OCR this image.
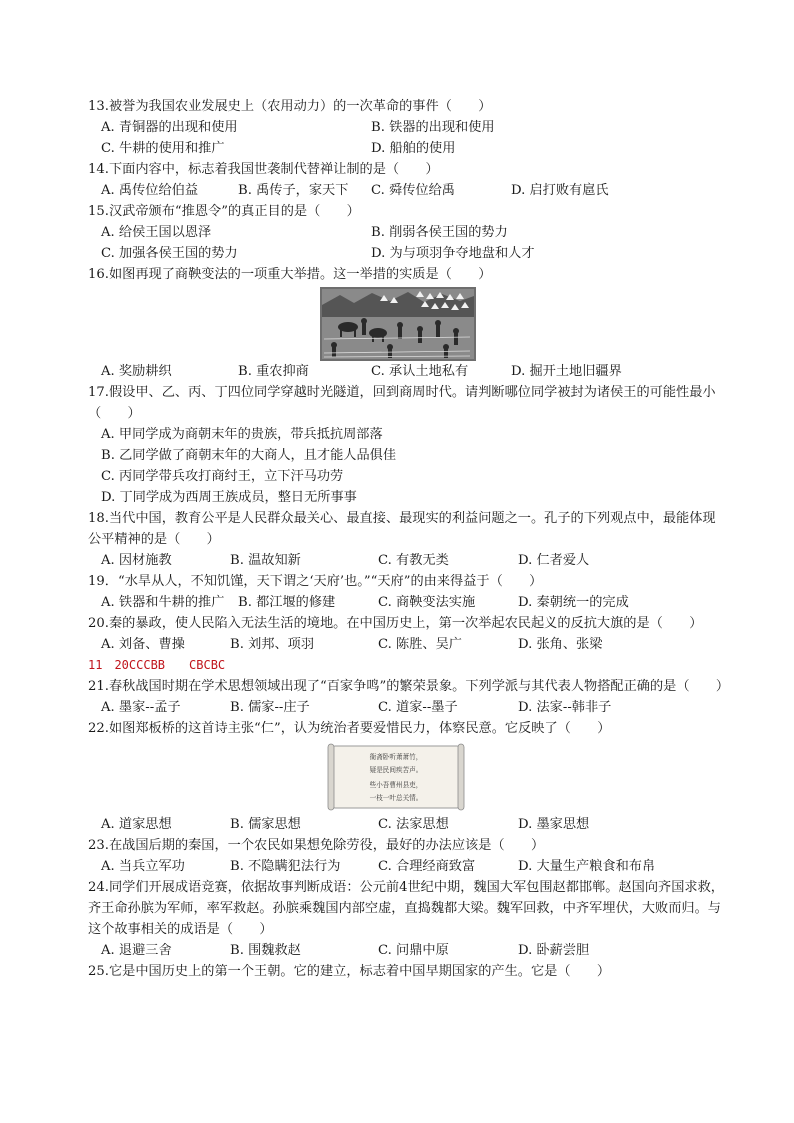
13.被誉为我国农业发展史上（农用动力）的一次革命的事件（　　）

A. 青铜器的出现和使用	B. 铁器的出现和使用
C. 牛耕的使用和推广	D. 船舶的使用

14.下面内容中，标志着我国世袭制代替禅让制的是（　　）

A. 禹传位给伯益	B. 禹传子，家天下 C. 舜传位给禹	D. 启打败有扈氏

15.汉武帝颁布“推恩令”的真正目的是（　　）

A. 给侯王国以恩泽	B. 削弱各侯王国的势力
C. 加强各侯王国的势力	D. 为与项羽争夺地盘和人才

16.如图再现了商鞅变法的一项重大举措。这一举措的实质是（　　）

A. 奖励耕织	B. 重农抑商	C. 承认土地私有	D. 掘开土地旧疆界

17.假设甲、乙、丙、丁四位同学穿越时光隧道，回到商周时代。请判断哪位同学被封为诸侯王的可能性最小（　　）

A. 甲同学成为商朝末年的贵族，带兵抵抗周部落
B. 乙同学做了商朝末年的大商人，且才能人品俱佳
C. 丙同学带兵攻打商纣王，立下汗马功劳
D. 丁同学成为西周王族成员，整日无所事事

18.当代中国，教育公平是人民群众最关心、最直接、最现实的利益问题之一。孔子的下列观点中，最能体现公平精神的是（　　）

A. 因材施教	B. 温故知新	C. 有教无类	D. 仁者爱人

19．“水旱从人，不知饥馑，天下谓之‘天府’也。”“天府”的由来得益于（　　）

A. 铁器和牛耕的推广 B. 都江堰的修建	C. 商鞅变法实施	D. 秦朝统一的完成

20.秦的暴政，使人民陷入无法生活的境地。在中国历史上，第一次举起农民起义的反抗大旗的是（　　）

A. 刘备、曹操	B. 刘邦、项羽	C. 陈胜、吴广	D. 张角、张梁
11　20CCCBB　　CBCBC

21.春秋战国时期在学术思想领域出现了“百家争鸣”的繁荣景象。下列学派与其代表人物搭配正确的是（　　）

A. 墨家--孟子	B. 儒家--庄子	C. 道家--墨子	D. 法家--韩非子

22.如图郑板桥的这首诗主张“仁”，认为统治者要爱惜民力，体察民意。它反映了（　　）

衙斋卧听萧萧竹，
疑是民间疾苦声。
些小吾曹州县吏，
一枝一叶总关情。
A. 道家思想	B. 儒家思想	C. 法家思想	D. 墨家思想

23.在战国后期的秦国，一个农民如果想免除劳役，最好的办法应该是（　　）

A. 当兵立军功	B. 不隐瞒犯法行为	C. 合理经商致富	D. 大量生产粮食和布帛

24.同学们开展成语竞赛，依据故事判断成语：公元前4世纪中期，魏国大军包围赵都邯郸。赵国向齐国求救，齐王命孙膑为军师，率军救赵。孙膑乘魏国内部空虚，直捣魏都大梁。魏军回救，中齐军埋伏，大败而归。与这个故事相关的成语是（　　）

A. 退避三舍	B. 围魏救赵	C. 问鼎中原	D. 卧薪尝胆

25.它是中国历史上的第一个王朝。它的建立，标志着中国早期国家的产生。它是（　　）
